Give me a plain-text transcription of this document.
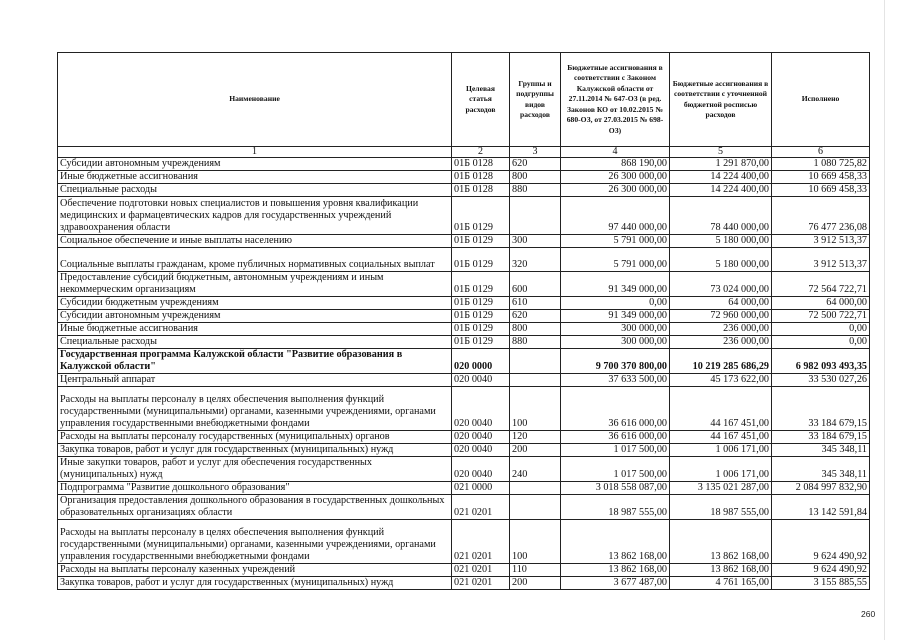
Наименование	Целевая статья расходов	Группы и подгруппы видов расходов	Бюджетные ассигнования в соответствии с Законом Калужской области от 27.11.2014 № 647-ОЗ (в ред. Законов КО от 10.02.2015 № 680-ОЗ, от 27.03.2015 № 698-ОЗ)	Бюджетные ассигнования в соответствии с уточненной бюджетной росписью расходов	Исполнено
1	2	3	4	5	6
Субсидии автономным учреждениям	01Б 0128	620	868 190,00	1 291 870,00	1 080 725,82
Иные бюджетные ассигнования	01Б 0128	800	26 300 000,00	14 224 400,00	10 669 458,33
Специальные расходы	01Б 0128	880	26 300 000,00	14 224 400,00	10 669 458,33
Обеспечение подготовки новых специалистов и повышения уровня квалификации медицинских и фармацевтических кадров для государственных учреждений здравоохранения области	01Б 0129		97 440 000,00	78 440 000,00	76 477 236,08
Социальное обеспечение и иные выплаты населению	01Б 0129	300	5 791 000,00	5 180 000,00	3 912 513,37
Социальные выплаты гражданам, кроме публичных нормативных социальных выплат	01Б 0129	320	5 791 000,00	5 180 000,00	3 912 513,37
Предоставление субсидий бюджетным, автономным учреждениям и иным некоммерческим организациям	01Б 0129	600	91 349 000,00	73 024 000,00	72 564 722,71
Субсидии бюджетным учреждениям	01Б 0129	610	0,00	64 000,00	64 000,00
Субсидии автономным учреждениям	01Б 0129	620	91 349 000,00	72 960 000,00	72 500 722,71
Иные бюджетные ассигнования	01Б 0129	800	300 000,00	236 000,00	0,00
Специальные расходы	01Б 0129	880	300 000,00	236 000,00	0,00
Государственная программа Калужской области "Развитие образования в Калужской области"	020 0000		9 700 370 800,00	10 219 285 686,29	6 982 093 493,35
Центральный аппарат	020 0040		37 633 500,00	45 173 622,00	33 530 027,26
Расходы на выплаты персоналу в целях обеспечения выполнения функций государственными (муниципальными) органами, казенными учреждениями, органами управления государственными внебюджетными фондами	020 0040	100	36 616 000,00	44 167 451,00	33 184 679,15
Расходы на выплаты персоналу государственных (муниципальных) органов	020 0040	120	36 616 000,00	44 167 451,00	33 184 679,15
Закупка товаров, работ и услуг для государственных (муниципальных) нужд	020 0040	200	1 017 500,00	1 006 171,00	345 348,11
Иные закупки товаров, работ и услуг для обеспечения государственных (муниципальных) нужд	020 0040	240	1 017 500,00	1 006 171,00	345 348,11
Подпрограмма "Развитие дошкольного образования"	021 0000		3 018 558 087,00	3 135 021 287,00	2 084 997 832,90
Организация предоставления дошкольного образования в государственных дошкольных образовательных организациях области	021 0201		18 987 555,00	18 987 555,00	13 142 591,84
Расходы на выплаты персоналу в целях обеспечения выполнения функций государственными (муниципальными) органами, казенными учреждениями, органами управления государственными внебюджетными фондами	021 0201	100	13 862 168,00	13 862 168,00	9 624 490,92
Расходы на выплаты персоналу казенных учреждений	021 0201	110	13 862 168,00	13 862 168,00	9 624 490,92
Закупка товаров, работ и услуг для государственных (муниципальных) нужд	021 0201	200	3 677 487,00	4 761 165,00	3 155 885,55
260
